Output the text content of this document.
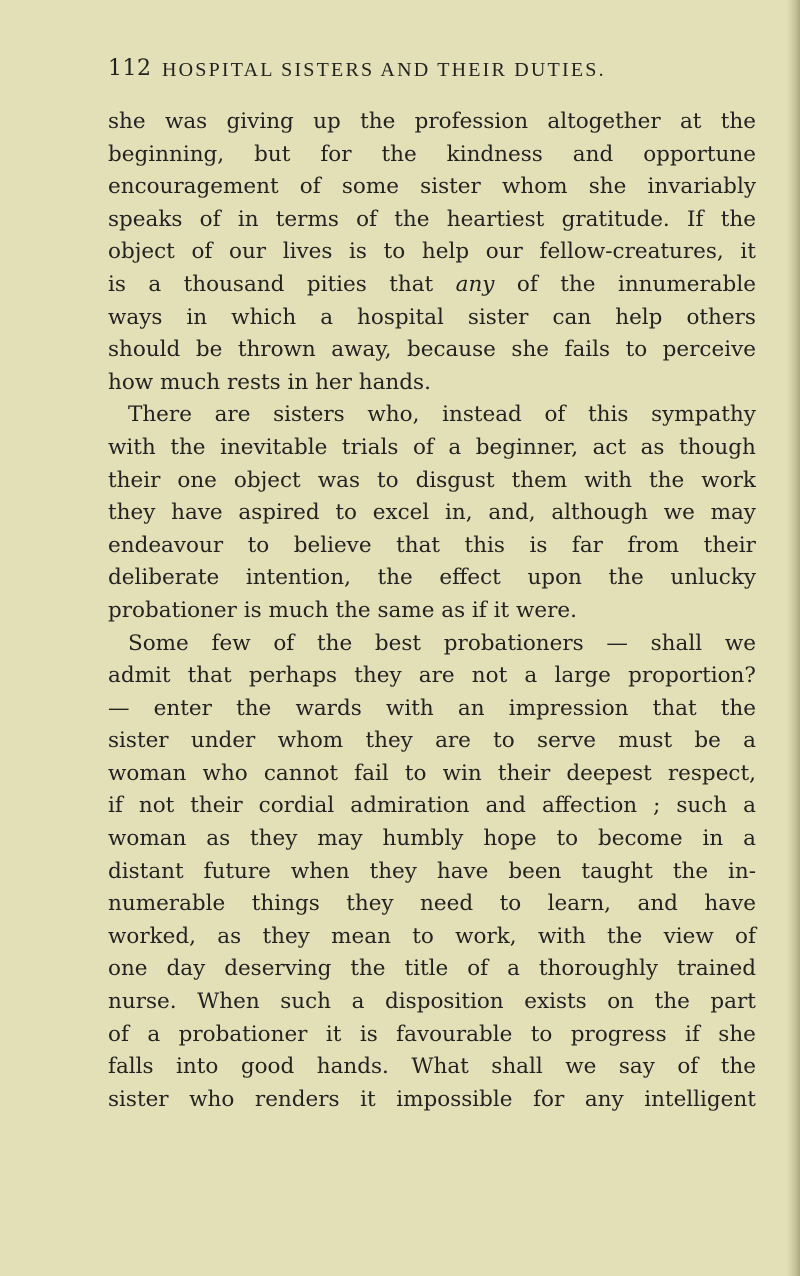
112 HOSPITAL SISTERS AND THEIR DUTIES.
she was giving up the profession altogether at the
beginning, but for the kindness and opportune
encouragement of some sister whom she invariably
speaks of in terms of the heartiest gratitude. If the
object of our lives is to help our fellow-creatures, it
is a thousand pities that any of the innumerable
ways in which a hospital sister can help others
should be thrown away, because she fails to perceive
how much rests in her hands.
There are sisters who, instead of this sympathy
with the inevitable trials of a beginner, act as though
their one object was to disgust them with the work
they have aspired to excel in, and, although we may
endeavour to believe that this is far from their
deliberate intention, the effect upon the unlucky
probationer is much the same as if it were.
Some few of the best probationers — shall we
admit that perhaps they are not a large proportion?
— enter the wards with an impression that the
sister under whom they are to serve must be a
woman who cannot fail to win their deepest respect,
if not their cordial admiration and affection ; such a
woman as they may humbly hope to become in a
distant future when they have been taught the in-
numerable things they need to learn, and have
worked, as they mean to work, with the view of
one day deserving the title of a thoroughly trained
nurse. When such a disposition exists on the part
of a probationer it is favourable to progress if she
falls into good hands. What shall we say of the
sister who renders it impossible for any intelligent
